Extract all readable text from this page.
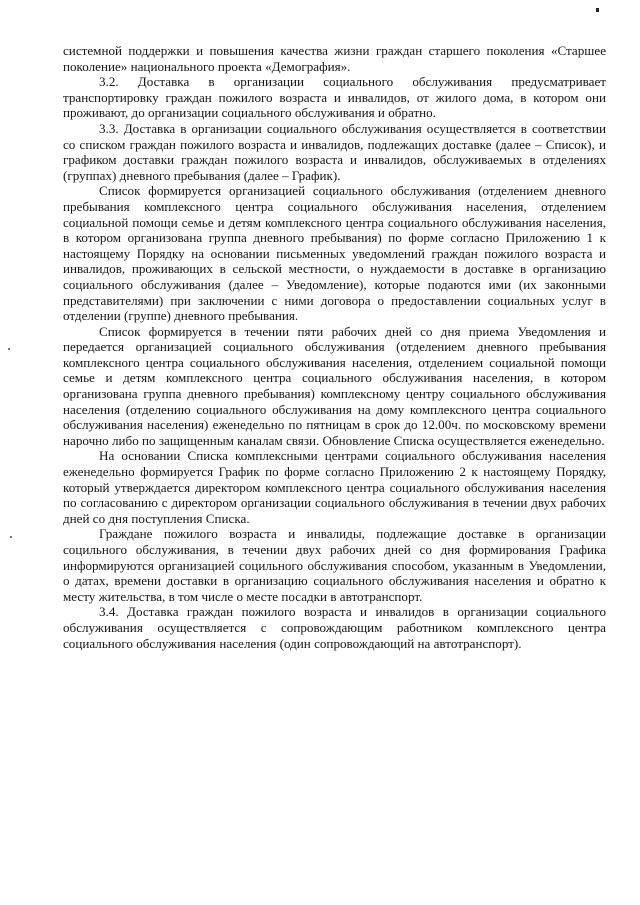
системной поддержки и повышения качества жизни граждан старшего поколения «Старшее поколение» национального проекта «Демография».

3.2. Доставка в организации социального обслуживания предусматривает транспортировку граждан пожилого возраста и инвалидов, от жилого дома, в котором они проживают, до организации социального обслуживания и обратно.

3.3. Доставка в организации социального обслуживания осуществляется в соответствии со списком граждан пожилого возраста и инвалидов, подлежащих доставке (далее – Список), и графиком доставки граждан пожилого возраста и инвалидов, обслуживаемых в отделениях (группах) дневного пребывания (далее – График).

Список формируется организацией социального обслуживания (отделением дневного пребывания комплексного центра социального обслуживания населения, отделением социальной помощи семье и детям комплексного центра социального обслуживания населения, в котором организована группа дневного пребывания) по форме согласно Приложению 1 к настоящему Порядку на основании письменных уведомлений граждан пожилого возраста и инвалидов, проживающих в сельской местности, о нуждаемости в доставке в организацию социального обслуживания (далее – Уведомление), которые подаются ими (их законными представителями) при заключении с ними договора о предоставлении социальных услуг в отделении (группе) дневного пребывания.

Список формируется в течении пяти рабочих дней со дня приема Уведомления и передается организацией социального обслуживания (отделением дневного пребывания комплексного центра социального обслуживания населения, отделением социальной помощи семье и детям комплексного центра социального обслуживания населения, в котором организована группа дневного пребывания) комплексному центру социального обслуживания населения (отделению социального обслуживания на дому комплексного центра социального обслуживания населения) еженедельно по пятницам в срок до 12.00ч. по московскому времени нарочно либо по защищенным каналам связи. Обновление Списка осуществляется еженедельно.

На основании Списка комплексными центрами социального обслуживания населения еженедельно формируется График по форме согласно Приложению 2 к настоящему Порядку, который утверждается директором комплексного центра социального обслуживания населения по согласованию с директором организации социального обслуживания в течении двух рабочих дней со дня поступления Списка.

Граждане пожилого возраста и инвалиды, подлежащие доставке в организации социльного обслуживания, в течении двух рабочих дней со дня формирования Графика информируются организацией социльного обслуживания способом, указанным в Уведомлении, о датах, времени доставки в организацию социального обслуживания населения и обратно к месту жительства, в том числе о месте посадки в автотранспорт.

3.4. Доставка граждан пожилого возраста и инвалидов в организации социального обслуживания осуществляется с сопровождающим работником комплексного центра социального обслуживания населения (один сопровождающий на автотранспорт).
